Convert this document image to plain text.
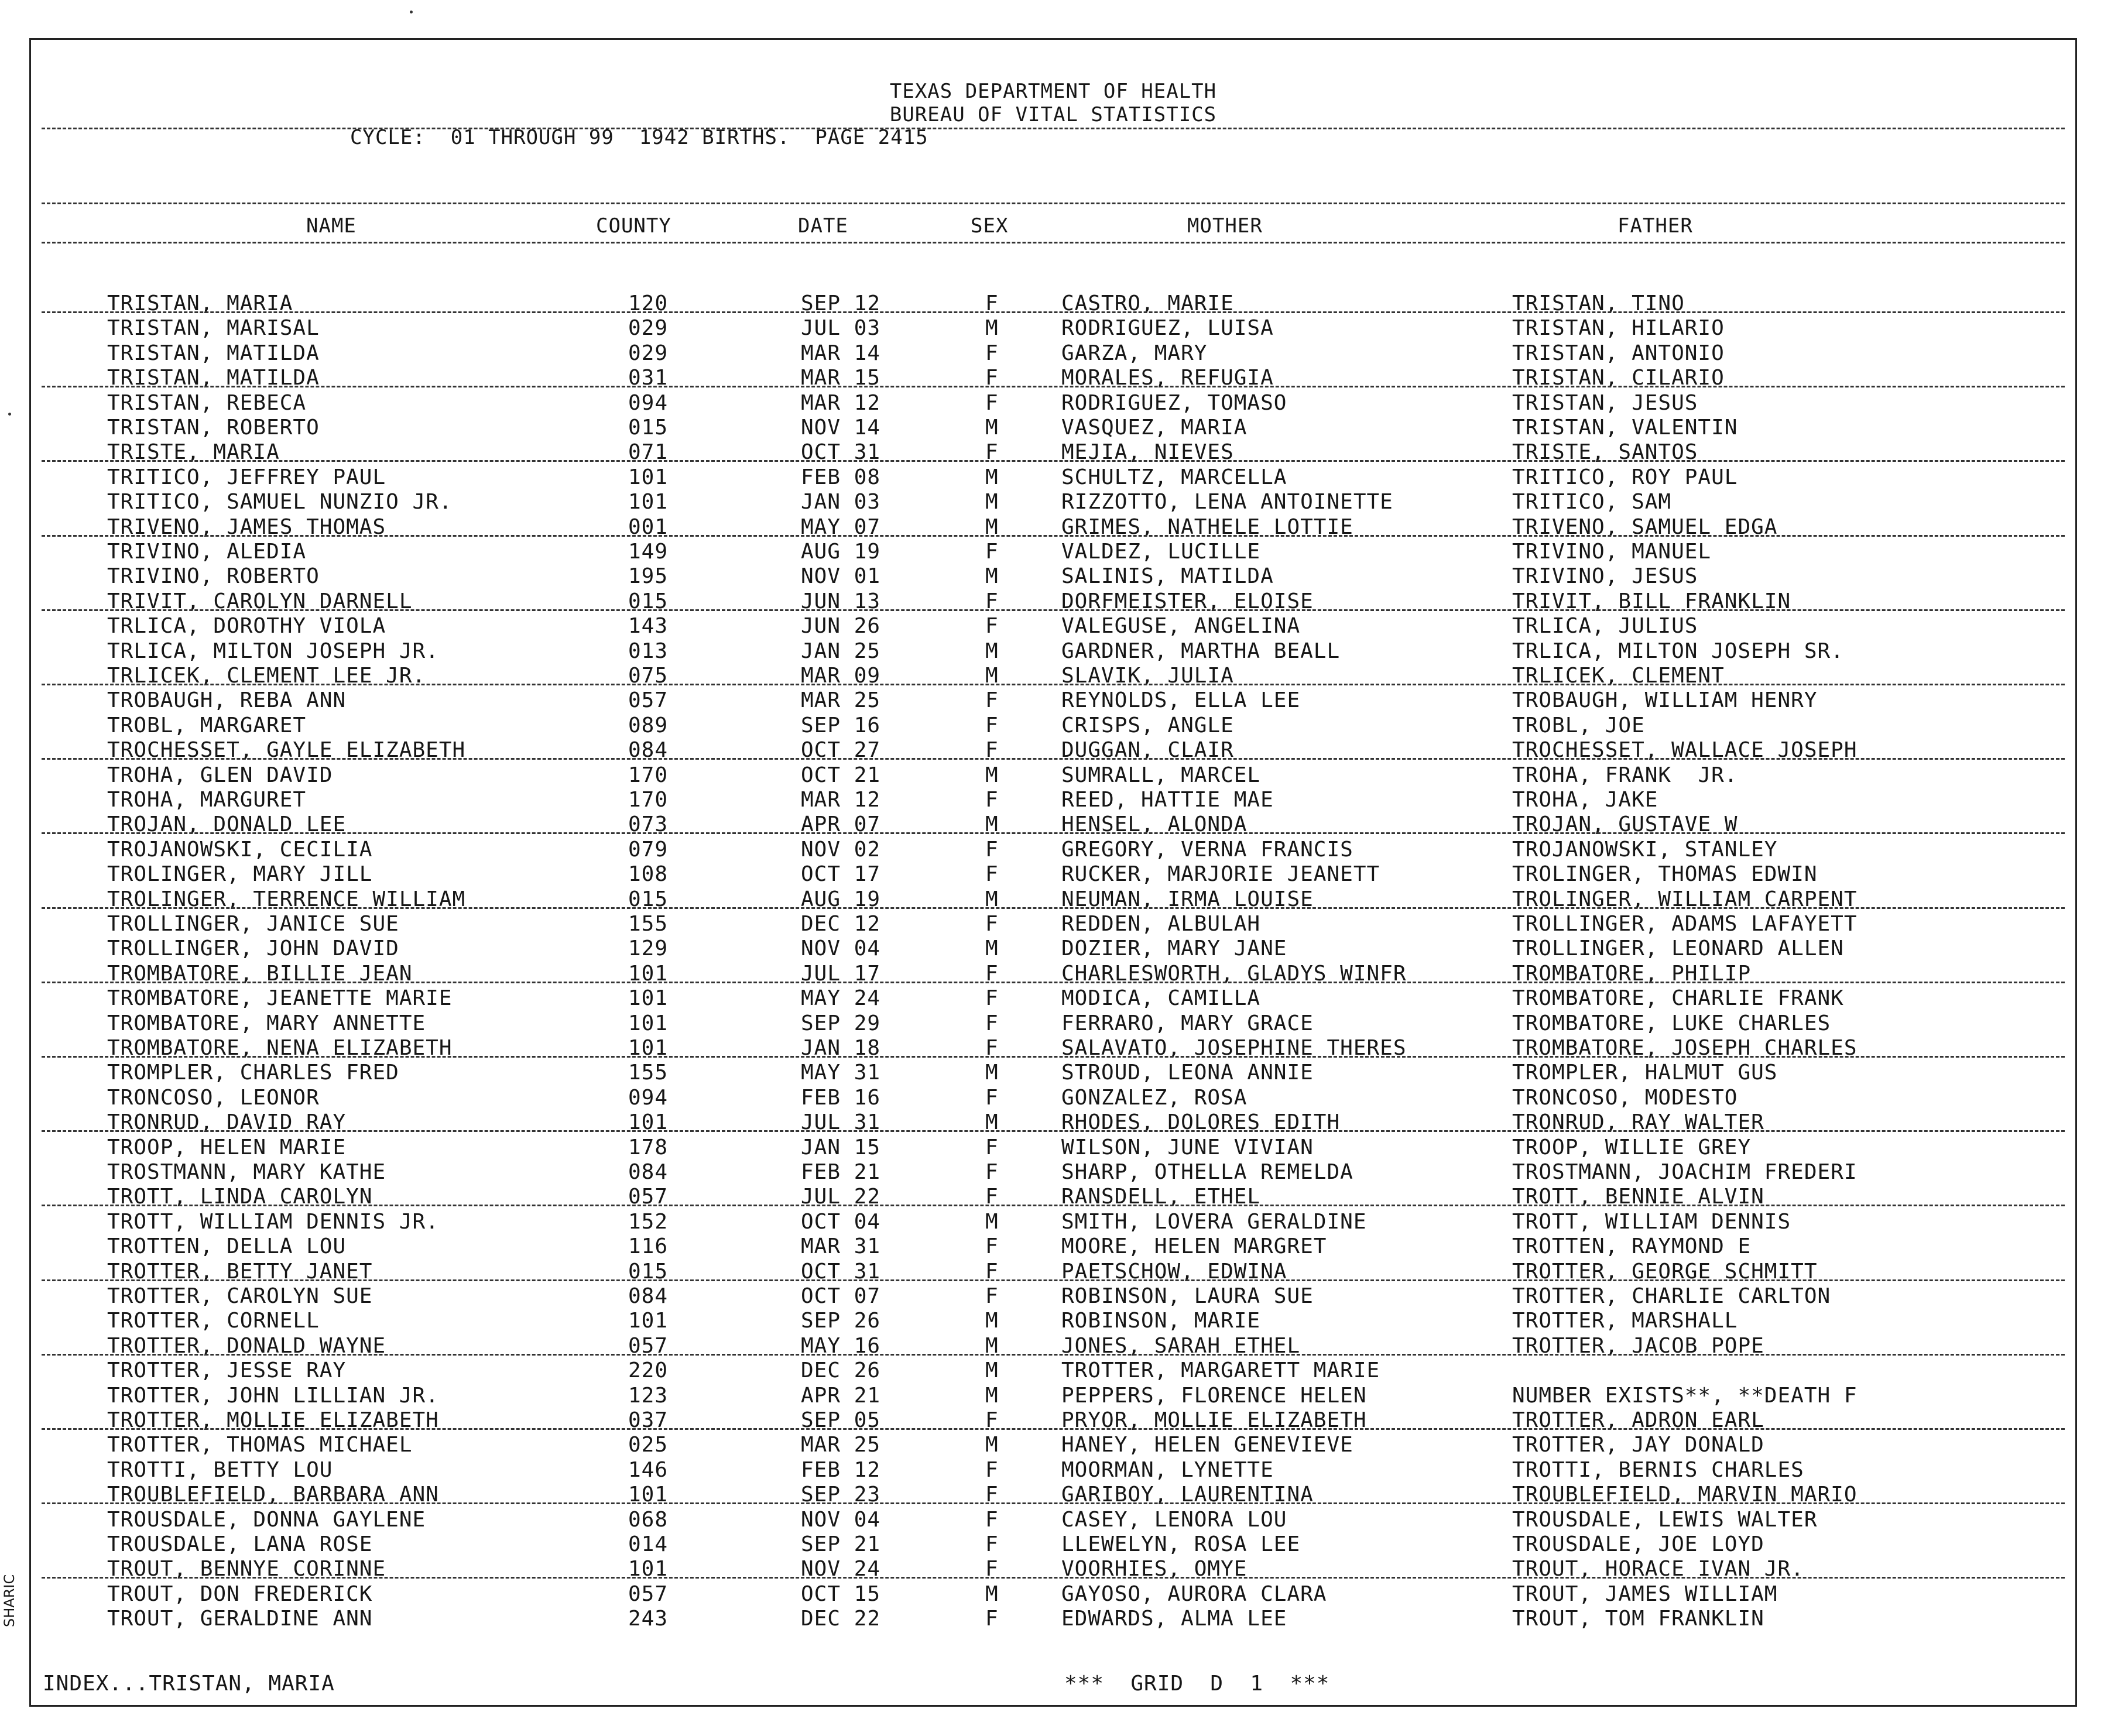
TEXAS DEPARTMENT OF HEALTH
BUREAU OF VITAL STATISTICS
CYCLE:  01 THROUGH 99  1942 BIRTHS.  PAGE 2415
NAME	COUNTY	DATE	SEX	MOTHER	FATHER
TRISTAN, MARIA	120	SEP 12	F	CASTRO, MARIE	TRISTAN, TINO
TRISTAN, MARISAL	029	JUL 03	M	RODRIGUEZ, LUISA	TRISTAN, HILARIO
TRISTAN, MATILDA	029	MAR 14	F	GARZA, MARY	TRISTAN, ANTONIO
TRISTAN, MATILDA	031	MAR 15	F	MORALES, REFUGIA	TRISTAN, CILARIO
TRISTAN, REBECA	094	MAR 12	F	RODRIGUEZ, TOMASO	TRISTAN, JESUS
TRISTAN, ROBERTO	015	NOV 14	M	VASQUEZ, MARIA	TRISTAN, VALENTIN
TRISTE, MARIA	071	OCT 31	F	MEJIA, NIEVES	TRISTE, SANTOS
TRITICO, JEFFREY PAUL	101	FEB 08	M	SCHULTZ, MARCELLA	TRITICO, ROY PAUL
TRITICO, SAMUEL NUNZIO JR.	101	JAN 03	M	RIZZOTTO, LENA ANTOINETTE	TRITICO, SAM
TRIVENO, JAMES THOMAS	001	MAY 07	M	GRIMES, NATHELE LOTTIE	TRIVENO, SAMUEL EDGA
TRIVINO, ALEDIA	149	AUG 19	F	VALDEZ, LUCILLE	TRIVINO, MANUEL
TRIVINO, ROBERTO	195	NOV 01	M	SALINIS, MATILDA	TRIVINO, JESUS
TRIVIT, CAROLYN DARNELL	015	JUN 13	F	DORFMEISTER, ELOISE	TRIVIT, BILL FRANKLIN
TRLICA, DOROTHY VIOLA	143	JUN 26	F	VALEGUSE, ANGELINA	TRLICA, JULIUS
TRLICA, MILTON JOSEPH JR.	013	JAN 25	M	GARDNER, MARTHA BEALL	TRLICA, MILTON JOSEPH SR.
TRLICEK, CLEMENT LEE JR.	075	MAR 09	M	SLAVIK, JULIA	TRLICEK, CLEMENT
TROBAUGH, REBA ANN	057	MAR 25	F	REYNOLDS, ELLA LEE	TROBAUGH, WILLIAM HENRY
TROBL, MARGARET	089	SEP 16	F	CRISPS, ANGLE	TROBL, JOE
TROCHESSET, GAYLE ELIZABETH	084	OCT 27	F	DUGGAN, CLAIR	TROCHESSET, WALLACE JOSEPH
TROHA, GLEN DAVID	170	OCT 21	M	SUMRALL, MARCEL	TROHA, FRANK  JR.
TROHA, MARGURET	170	MAR 12	F	REED, HATTIE MAE	TROHA, JAKE
TROJAN, DONALD LEE	073	APR 07	M	HENSEL, ALONDA	TROJAN, GUSTAVE W
TROJANOWSKI, CECILIA	079	NOV 02	F	GREGORY, VERNA FRANCIS	TROJANOWSKI, STANLEY
TROLINGER, MARY JILL	108	OCT 17	F	RUCKER, MARJORIE JEANETT	TROLINGER, THOMAS EDWIN
TROLINGER, TERRENCE WILLIAM	015	AUG 19	M	NEUMAN, IRMA LOUISE	TROLINGER, WILLIAM CARPENT
TROLLINGER, JANICE SUE	155	DEC 12	F	REDDEN, ALBULAH	TROLLINGER, ADAMS LAFAYETT
TROLLINGER, JOHN DAVID	129	NOV 04	M	DOZIER, MARY JANE	TROLLINGER, LEONARD ALLEN
TROMBATORE, BILLIE JEAN	101	JUL 17	F	CHARLESWORTH, GLADYS WINFR	TROMBATORE, PHILIP
TROMBATORE, JEANETTE MARIE	101	MAY 24	F	MODICA, CAMILLA	TROMBATORE, CHARLIE FRANK
TROMBATORE, MARY ANNETTE	101	SEP 29	F	FERRARO, MARY GRACE	TROMBATORE, LUKE CHARLES
TROMBATORE, NENA ELIZABETH	101	JAN 18	F	SALAVATO, JOSEPHINE THERES	TROMBATORE, JOSEPH CHARLES
TROMPLER, CHARLES FRED	155	MAY 31	M	STROUD, LEONA ANNIE	TROMPLER, HALMUT GUS
TRONCOSO, LEONOR	094	FEB 16	F	GONZALEZ, ROSA	TRONCOSO, MODESTO
TRONRUD, DAVID RAY	101	JUL 31	M	RHODES, DOLORES EDITH	TRONRUD, RAY WALTER
TROOP, HELEN MARIE	178	JAN 15	F	WILSON, JUNE VIVIAN	TROOP, WILLIE GREY
TROSTMANN, MARY KATHE	084	FEB 21	F	SHARP, OTHELLA REMELDA	TROSTMANN, JOACHIM FREDERI
TROTT, LINDA CAROLYN	057	JUL 22	F	RANSDELL, ETHEL	TROTT, BENNIE ALVIN
TROTT, WILLIAM DENNIS JR.	152	OCT 04	M	SMITH, LOVERA GERALDINE	TROTT, WILLIAM DENNIS
TROTTEN, DELLA LOU	116	MAR 31	F	MOORE, HELEN MARGRET	TROTTEN, RAYMOND E
TROTTER, BETTY JANET	015	OCT 31	F	PAETSCHOW, EDWINA	TROTTER, GEORGE SCHMITT
TROTTER, CAROLYN SUE	084	OCT 07	F	ROBINSON, LAURA SUE	TROTTER, CHARLIE CARLTON
TROTTER, CORNELL	101	SEP 26	M	ROBINSON, MARIE	TROTTER, MARSHALL
TROTTER, DONALD WAYNE	057	MAY 16	M	JONES, SARAH ETHEL	TROTTER, JACOB POPE
TROTTER, JESSE RAY	220	DEC 26	M	TROTTER, MARGARETT MARIE
TROTTER, JOHN LILLIAN JR.	123	APR 21	M	PEPPERS, FLORENCE HELEN	NUMBER EXISTS**, **DEATH F
TROTTER, MOLLIE ELIZABETH	037	SEP 05	F	PRYOR, MOLLIE ELIZABETH	TROTTER, ADRON EARL
TROTTER, THOMAS MICHAEL	025	MAR 25	M	HANEY, HELEN GENEVIEVE	TROTTER, JAY DONALD
TROTTI, BETTY LOU	146	FEB 12	F	MOORMAN, LYNETTE	TROTTI, BERNIS CHARLES
TROUBLEFIELD, BARBARA ANN	101	SEP 23	F	GARIBOY, LAURENTINA	TROUBLEFIELD, MARVIN MARIO
TROUSDALE, DONNA GAYLENE	068	NOV 04	F	CASEY, LENORA LOU	TROUSDALE, LEWIS WALTER
TROUSDALE, LANA ROSE	014	SEP 21	F	LLEWELYN, ROSA LEE	TROUSDALE, JOE LOYD
TROUT, BENNYE CORINNE	101	NOV 24	F	VOORHIES, OMYE	TROUT, HORACE IVAN JR.
TROUT, DON FREDERICK	057	OCT 15	M	GAYOSO, AURORA CLARA	TROUT, JAMES WILLIAM
TROUT, GERALDINE ANN	243	DEC 22	F	EDWARDS, ALMA LEE	TROUT, TOM FRANKLIN
INDEX...TRISTAN, MARIA	***  GRID  D  1  ***
SHARIC
